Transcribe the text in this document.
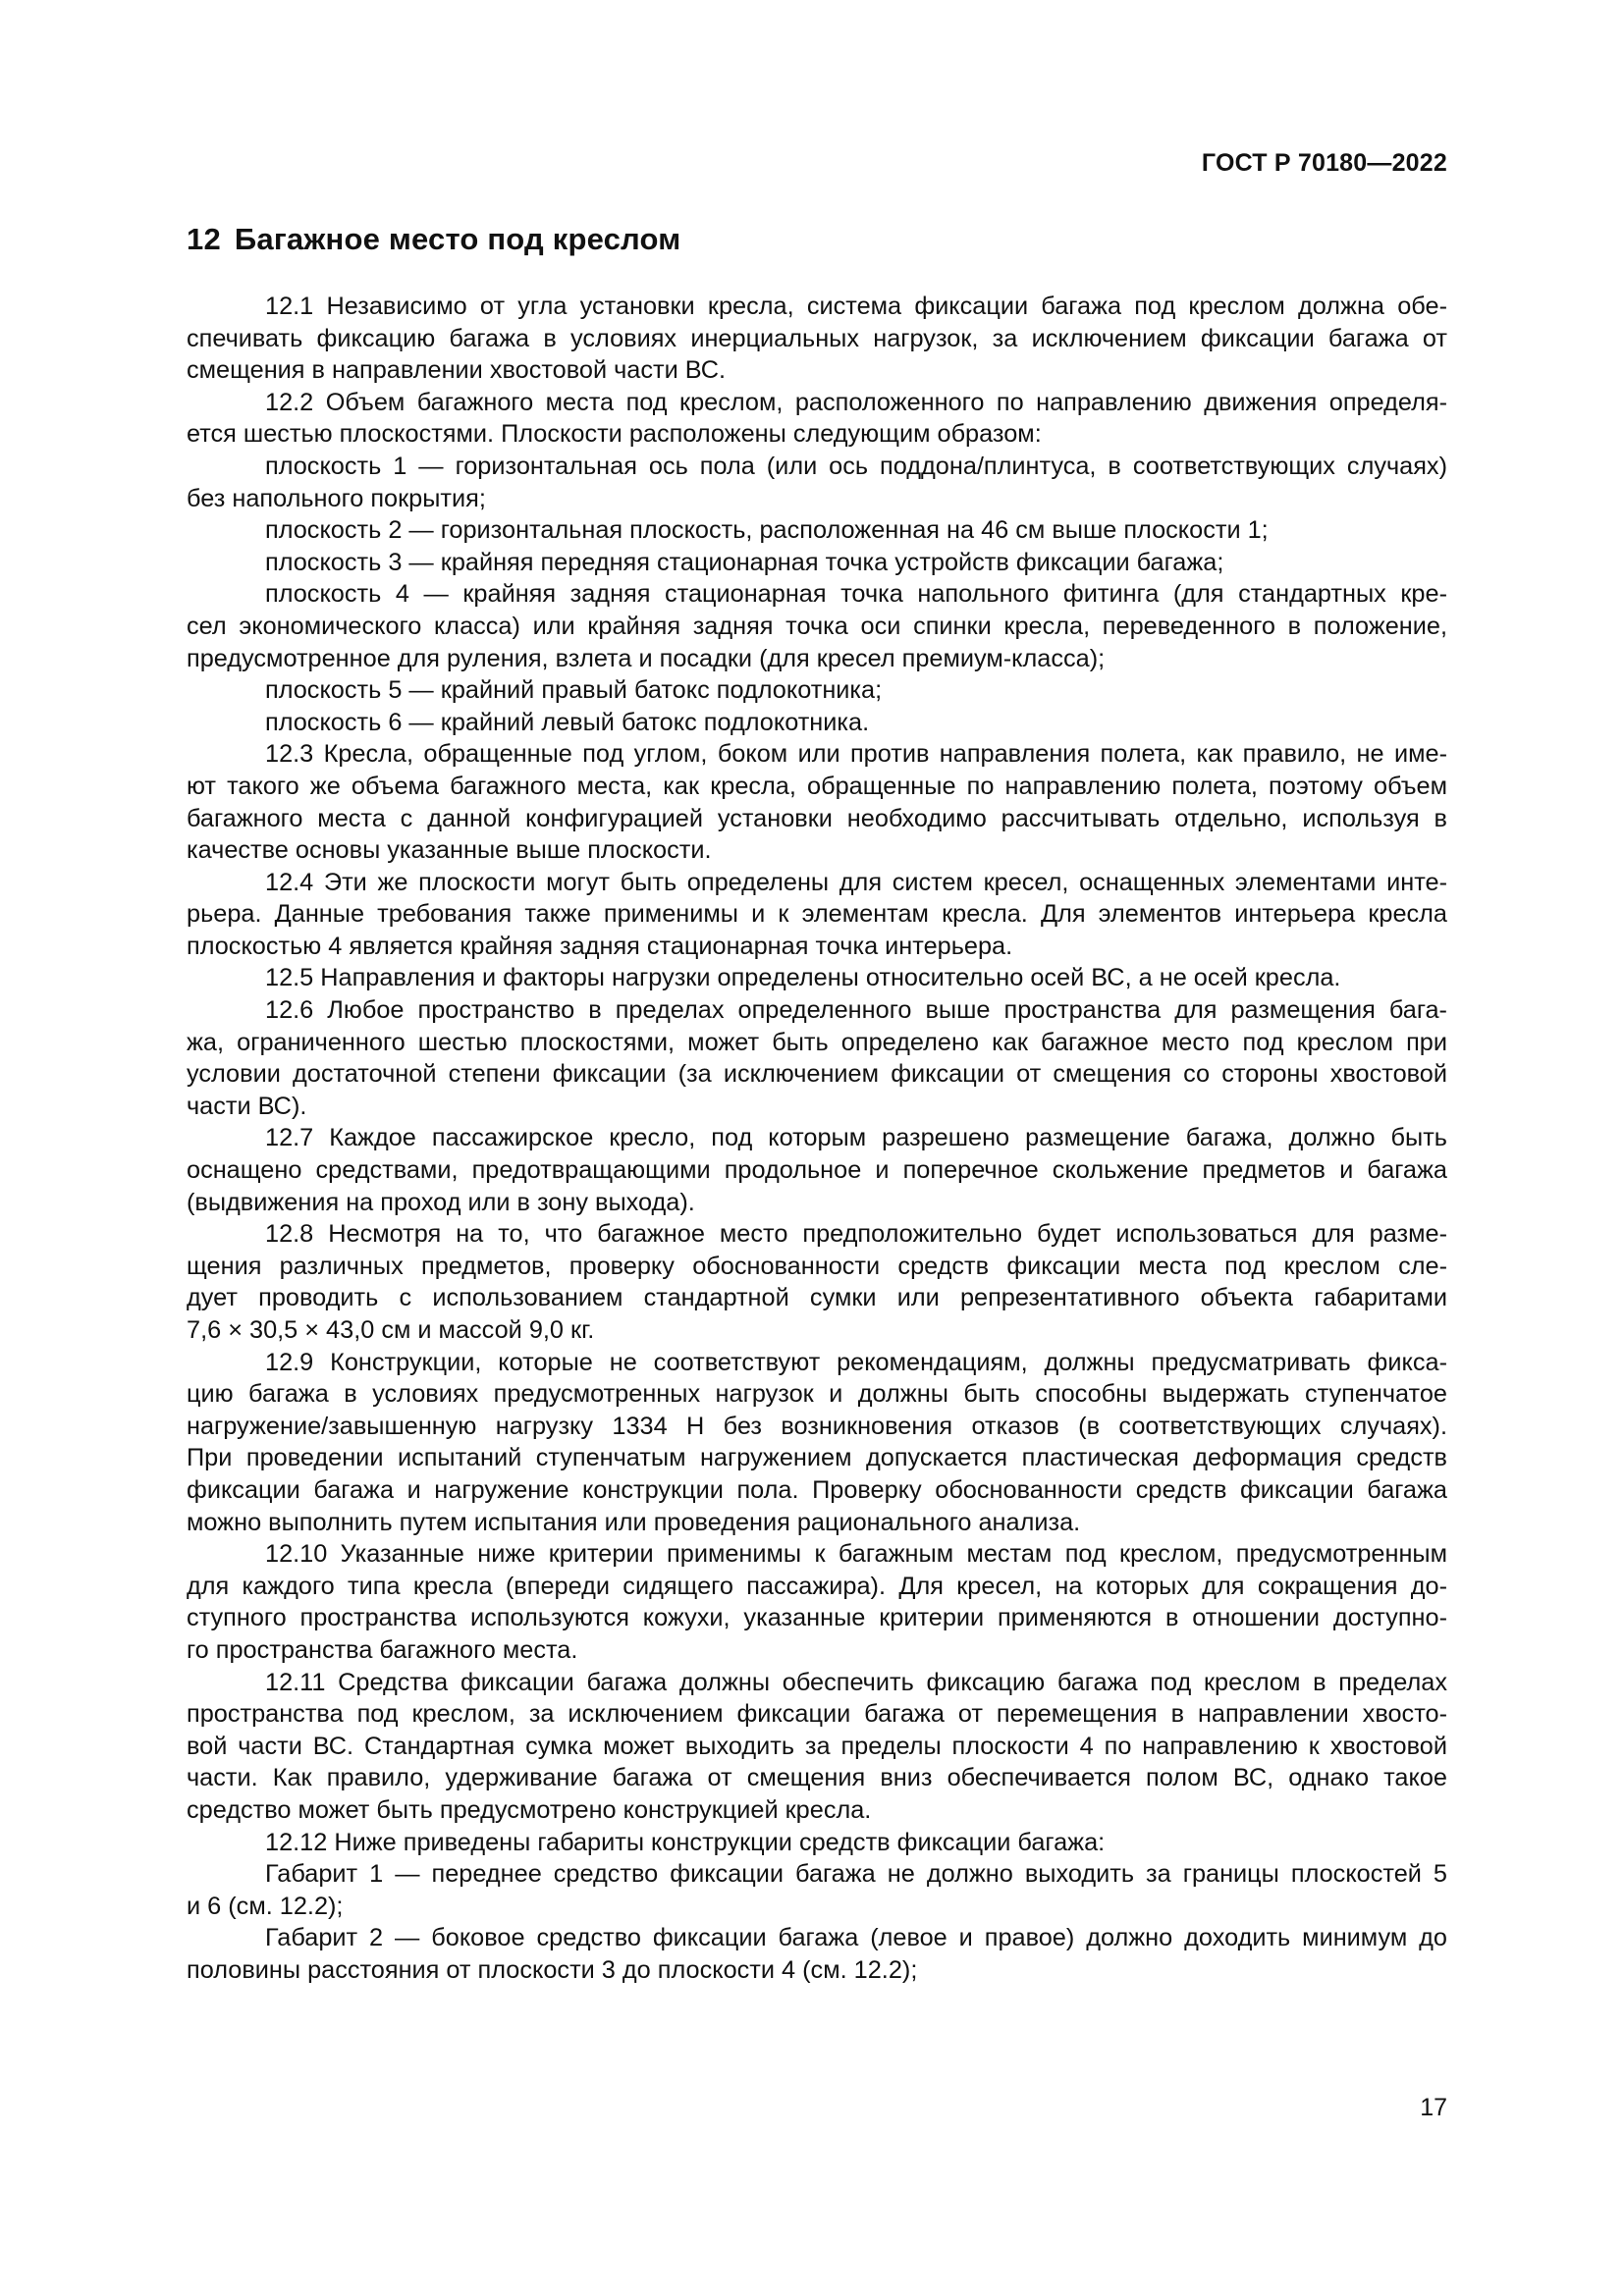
ГОСТ Р 70180—2022
12 Багажное место под креслом
12.1 Независимо от угла установки кресла, система фиксации багажа под креслом должна обе-
спечивать фиксацию багажа в условиях инерциальных нагрузок, за исключением фиксации багажа от
смещения в направлении хвостовой части ВС.
12.2 Объем багажного места под креслом, расположенного по направлению движения определя-
ется шестью плоскостями. Плоскости расположены следующим образом:
плоскость 1 — горизонтальная ось пола (или ось поддона/плинтуса, в соответствующих случаях)
без напольного покрытия;
плоскость 2 — горизонтальная плоскость, расположенная на 46 см выше плоскости 1;
плоскость 3 — крайняя передняя стационарная точка устройств фиксации багажа;
плоскость 4 — крайняя задняя стационарная точка напольного фитинга (для стандартных кре-
сел экономического класса) или крайняя задняя точка оси спинки кресла, переведенного в положение,
предусмотренное для руления, взлета и посадки (для кресел премиум-класса);
плоскость 5 — крайний правый батокс подлокотника;
плоскость 6 — крайний левый батокс подлокотника.
12.3 Кресла, обращенные под углом, боком или против направления полета, как правило, не име-
ют такого же объема багажного места, как кресла, обращенные по направлению полета, поэтому объем
багажного места с данной конфигурацией установки необходимо рассчитывать отдельно, используя в
качестве основы указанные выше плоскости.
12.4 Эти же плоскости могут быть определены для систем кресел, оснащенных элементами инте-
рьера. Данные требования также применимы и к элементам кресла. Для элементов интерьера кресла
плоскостью 4 является крайняя задняя стационарная точка интерьера.
12.5 Направления и факторы нагрузки определены относительно осей ВС, а не осей кресла.
12.6 Любое пространство в пределах определенного выше пространства для размещения бага-
жа, ограниченного шестью плоскостями, может быть определено как багажное место под креслом при
условии достаточной степени фиксации (за исключением фиксации от смещения со стороны хвостовой
части ВС).
12.7 Каждое пассажирское кресло, под которым разрешено размещение багажа, должно быть
оснащено средствами, предотвращающими продольное и поперечное скольжение предметов и багажа
(выдвижения на проход или в зону выхода).
12.8 Несмотря на то, что багажное место предположительно будет использоваться для разме-
щения различных предметов, проверку обоснованности средств фиксации места под креслом сле-
дует проводить с использованием стандартной сумки или репрезентативного объекта габаритами
7,6 × 30,5 × 43,0 см и массой 9,0 кг.
12.9 Конструкции, которые не соответствуют рекомендациям, должны предусматривать фикса-
цию багажа в условиях предусмотренных нагрузок и должны быть способны выдержать ступенчатое
нагружение/завышенную нагрузку 1334 Н без возникновения отказов (в соответствующих случаях).
При проведении испытаний ступенчатым нагружением допускается пластическая деформация средств
фиксации багажа и нагружение конструкции пола. Проверку обоснованности средств фиксации багажа
можно выполнить путем испытания или проведения рационального анализа.
12.10 Указанные ниже критерии применимы к багажным местам под креслом, предусмотренным
для каждого типа кресла (впереди сидящего пассажира). Для кресел, на которых для сокращения до-
ступного пространства используются кожухи, указанные критерии применяются в отношении доступно-
го пространства багажного места.
12.11 Средства фиксации багажа должны обеспечить фиксацию багажа под креслом в пределах
пространства под креслом, за исключением фиксации багажа от перемещения в направлении хвосто-
вой части ВС. Стандартная сумка может выходить за пределы плоскости 4 по направлению к хвостовой
части. Как правило, удерживание багажа от смещения вниз обеспечивается полом ВС, однако такое
средство может быть предусмотрено конструкцией кресла.
12.12 Ниже приведены габариты конструкции средств фиксации багажа:
Габарит 1 — переднее средство фиксации багажа не должно выходить за границы плоскостей 5
и 6 (см. 12.2);
Габарит 2 — боковое средство фиксации багажа (левое и правое) должно доходить минимум до
половины расстояния от плоскости 3 до плоскости 4 (см. 12.2);
17
